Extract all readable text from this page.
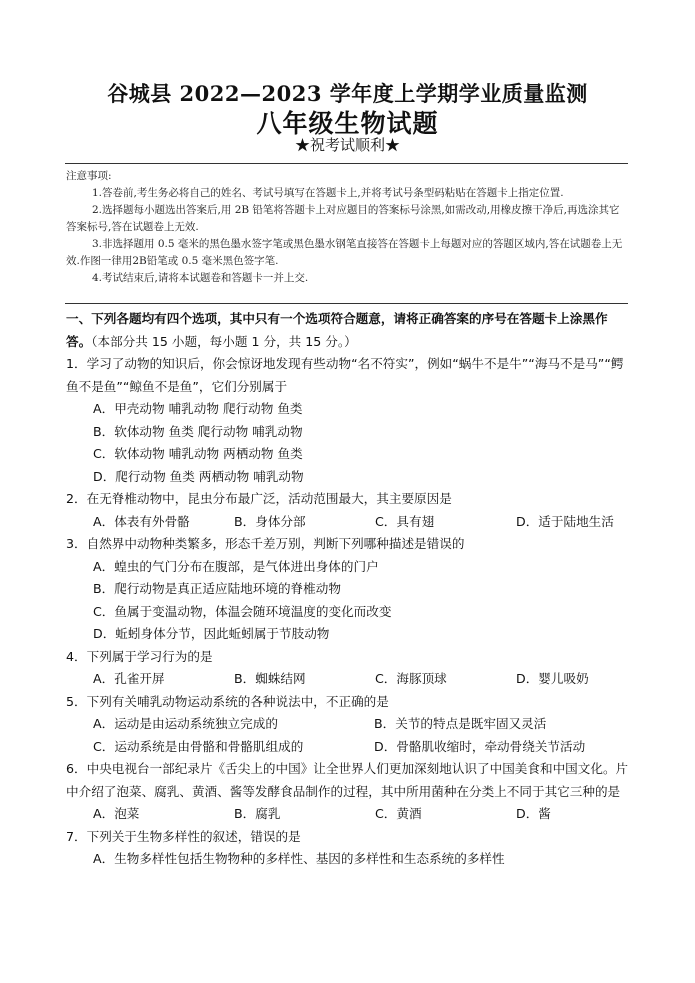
谷城县 2022—2023 学年度上学期学业质量监测
八年级生物试题
★祝考试顺利★

注意事项:

1.答卷前,考生务必将自己的姓名、考试号填写在答题卡上,并将考试号条型码粘贴在答题卡上指定位置.

2.选择题每小题选出答案后,用 2B 铅笔将答题卡上对应题目的答案标号涂黑,如需改动,用橡皮擦干净后,再选涂其它答案标号,答在试题卷上无效.

3.非选择题用 0.5 毫米的黑色墨水签字笔或黑色墨水钢笔直接答在答题卡上每题对应的答题区域内,答在试题卷上无效.作图一律用2B铅笔或 0.5 毫米黑色签字笔.

4.考试结束后,请将本试题卷和答题卡一并上交.

一、下列各题均有四个选项，其中只有一个选项符合题意，请将正确答案的序号在答题卡上涂黑作答。（本部分共 15 小题，每小题 1 分，共 15 分。）

1．学习了动物的知识后，你会惊讶地发现有些动物“名不符实”，例如“蜗牛不是牛”“海马不是马”“鳄鱼不是鱼”“鲸鱼不是鱼”，它们分别属于

A．甲壳动物 哺乳动物 爬行动物 鱼类

B．软体动物 鱼类 爬行动物 哺乳动物

C．软体动物 哺乳动物 两栖动物 鱼类

D．爬行动物 鱼类 两栖动物 哺乳动物

2．在无脊椎动物中，昆虫分布最广泛，活动范围最大，其主要原因是

A．体表有外骨骼	B．身体分部	C．具有翅	D．适于陆地生活

3．自然界中动物种类繁多，形态千差万别，判断下列哪种描述是错误的

A．蝗虫的气门分布在腹部，是气体进出身体的门户

B．爬行动物是真正适应陆地环境的脊椎动物

C．鱼属于变温动物，体温会随环境温度的变化而改变

D．蚯蚓身体分节，因此蚯蚓属于节肢动物

4．下列属于学习行为的是

A．孔雀开屏	B．蜘蛛结网	C．海豚顶球	D．婴儿吸奶

5．下列有关哺乳动物运动系统的各种说法中，不正确的是

A．运动是由运动系统独立完成的	B．关节的特点是既牢固又灵活
C．运动系统是由骨骼和骨骼肌组成的	D．骨骼肌收缩时，牵动骨绕关节活动

6．中央电视台一部纪录片《舌尖上的中国》让全世界人们更加深刻地认识了中国美食和中国文化。片中介绍了泡菜、腐乳、黄酒、酱等发酵食品制作的过程，其中所用菌种在分类上不同于其它三种的是

A．泡菜	B．腐乳	C．黄酒	D．酱

7．下列关于生物多样性的叙述，错误的是

A．生物多样性包括生物物种的多样性、基因的多样性和生态系统的多样性
